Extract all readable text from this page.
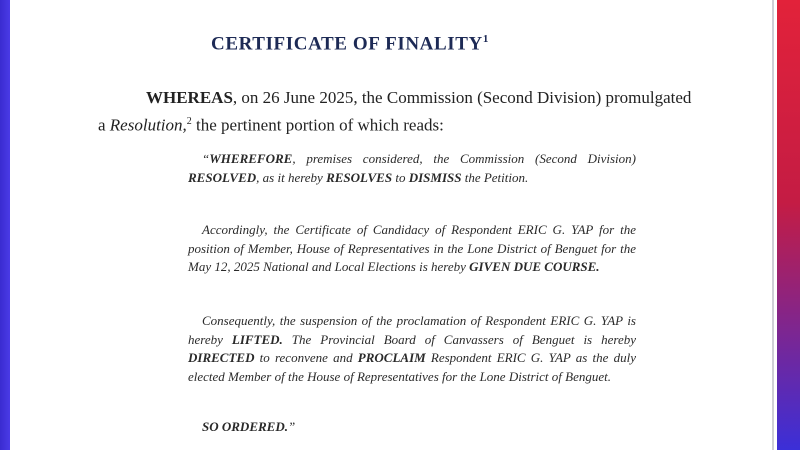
CERTIFICATE OF FINALITY$^1$
WHEREAS, on 26 June 2025, the Commission (Second Division) promulgated a Resolution,$^2$ the pertinent portion of which reads:
“WHEREFORE, premises considered, the Commission (Second Division) RESOLVED, as it hereby RESOLVES to DISMISS the Petition.
Accordingly, the Certificate of Candidacy of Respondent ERIC G. YAP for the position of Member, House of Representatives in the Lone District of Benguet for the May 12, 2025 National and Local Elections is hereby GIVEN DUE COURSE.
Consequently, the suspension of the proclamation of Respondent ERIC G. YAP is hereby LIFTED. The Provincial Board of Canvassers of Benguet is hereby DIRECTED to reconvene and PROCLAIM Respondent ERIC G. YAP as the duly elected Member of the House of Representatives for the Lone District of Benguet.
SO ORDERED.”
